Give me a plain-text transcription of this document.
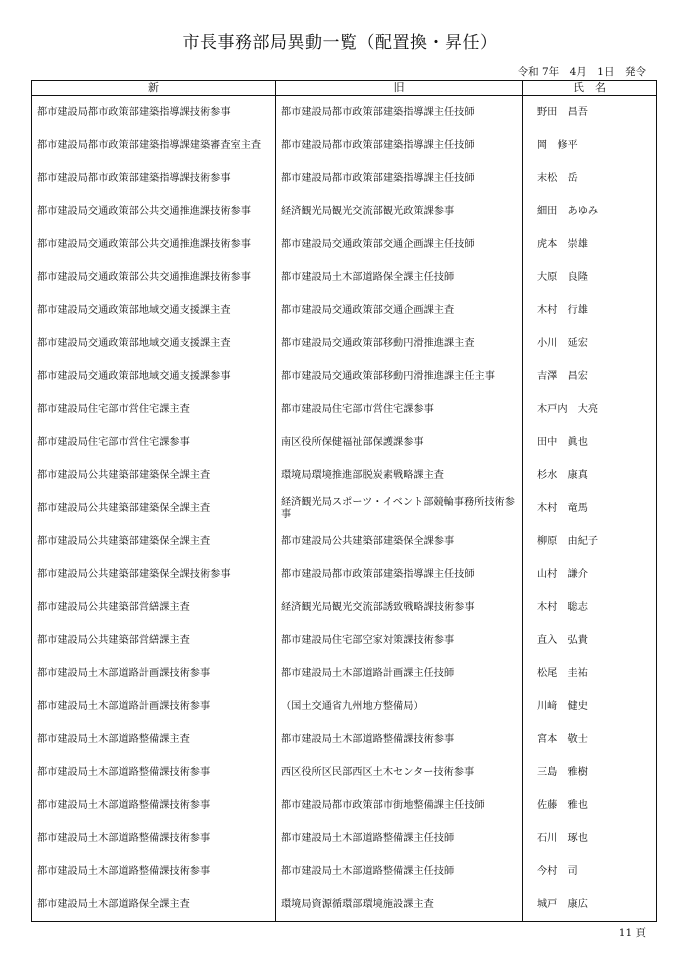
市長事務部局異動一覧（配置換・昇任）
令和 7年　4月　1日　発令
新	旧	氏　名
都市建設局都市政策部建築指導課技術参事	都市建設局都市政策部建築指導課主任技師	野田　昌吾
都市建設局都市政策部建築指導課建築審査室主査	都市建設局都市政策部建築指導課主任技師	岡　修平
都市建設局都市政策部建築指導課技術参事	都市建設局都市政策部建築指導課主任技師	末松　岳
都市建設局交通政策部公共交通推進課技術参事	経済観光局観光交流部観光政策課参事	細田　あゆみ
都市建設局交通政策部公共交通推進課技術参事	都市建設局交通政策部交通企画課主任技師	虎本　崇雄
都市建設局交通政策部公共交通推進課技術参事	都市建設局土木部道路保全課主任技師	大原　良隆
都市建設局交通政策部地域交通支援課主査	都市建設局交通政策部交通企画課主査	木村　行雄
都市建設局交通政策部地域交通支援課主査	都市建設局交通政策部移動円滑推進課主査	小川　延宏
都市建設局交通政策部地域交通支援課参事	都市建設局交通政策部移動円滑推進課主任主事	吉澤　昌宏
都市建設局住宅部市営住宅課主査	都市建設局住宅部市営住宅課参事	木戸内　大亮
都市建設局住宅部市営住宅課参事	南区役所保健福祉部保護課参事	田中　眞也
都市建設局公共建築部建築保全課主査	環境局環境推進部脱炭素戦略課主査	杉水　康真
都市建設局公共建築部建築保全課主査	経済観光局スポーツ・イベント部競輪事務所技術参事	木村　竜馬
都市建設局公共建築部建築保全課主査	都市建設局公共建築部建築保全課参事	柳原　由紀子
都市建設局公共建築部建築保全課技術参事	都市建設局都市政策部建築指導課主任技師	山村　謙介
都市建設局公共建築部営繕課主査	経済観光局観光交流部誘致戦略課技術参事	木村　聡志
都市建設局公共建築部営繕課主査	都市建設局住宅部空家対策課技術参事	直入　弘貴
都市建設局土木部道路計画課技術参事	都市建設局土木部道路計画課主任技師	松尾　圭祐
都市建設局土木部道路計画課技術参事	（国土交通省九州地方整備局）	川﨑　健史
都市建設局土木部道路整備課主査	都市建設局土木部道路整備課技術参事	宮本　敬士
都市建設局土木部道路整備課技術参事	西区役所区民部西区土木センター技術参事	三島　雅樹
都市建設局土木部道路整備課技術参事	都市建設局都市政策部市街地整備課主任技師	佐藤　雅也
都市建設局土木部道路整備課技術参事	都市建設局土木部道路整備課主任技師	石川　琢也
都市建設局土木部道路整備課技術参事	都市建設局土木部道路整備課主任技師	今村　司
都市建設局土木部道路保全課主査	環境局資源循環部環境施設課主査	城戸　康広
11 頁
